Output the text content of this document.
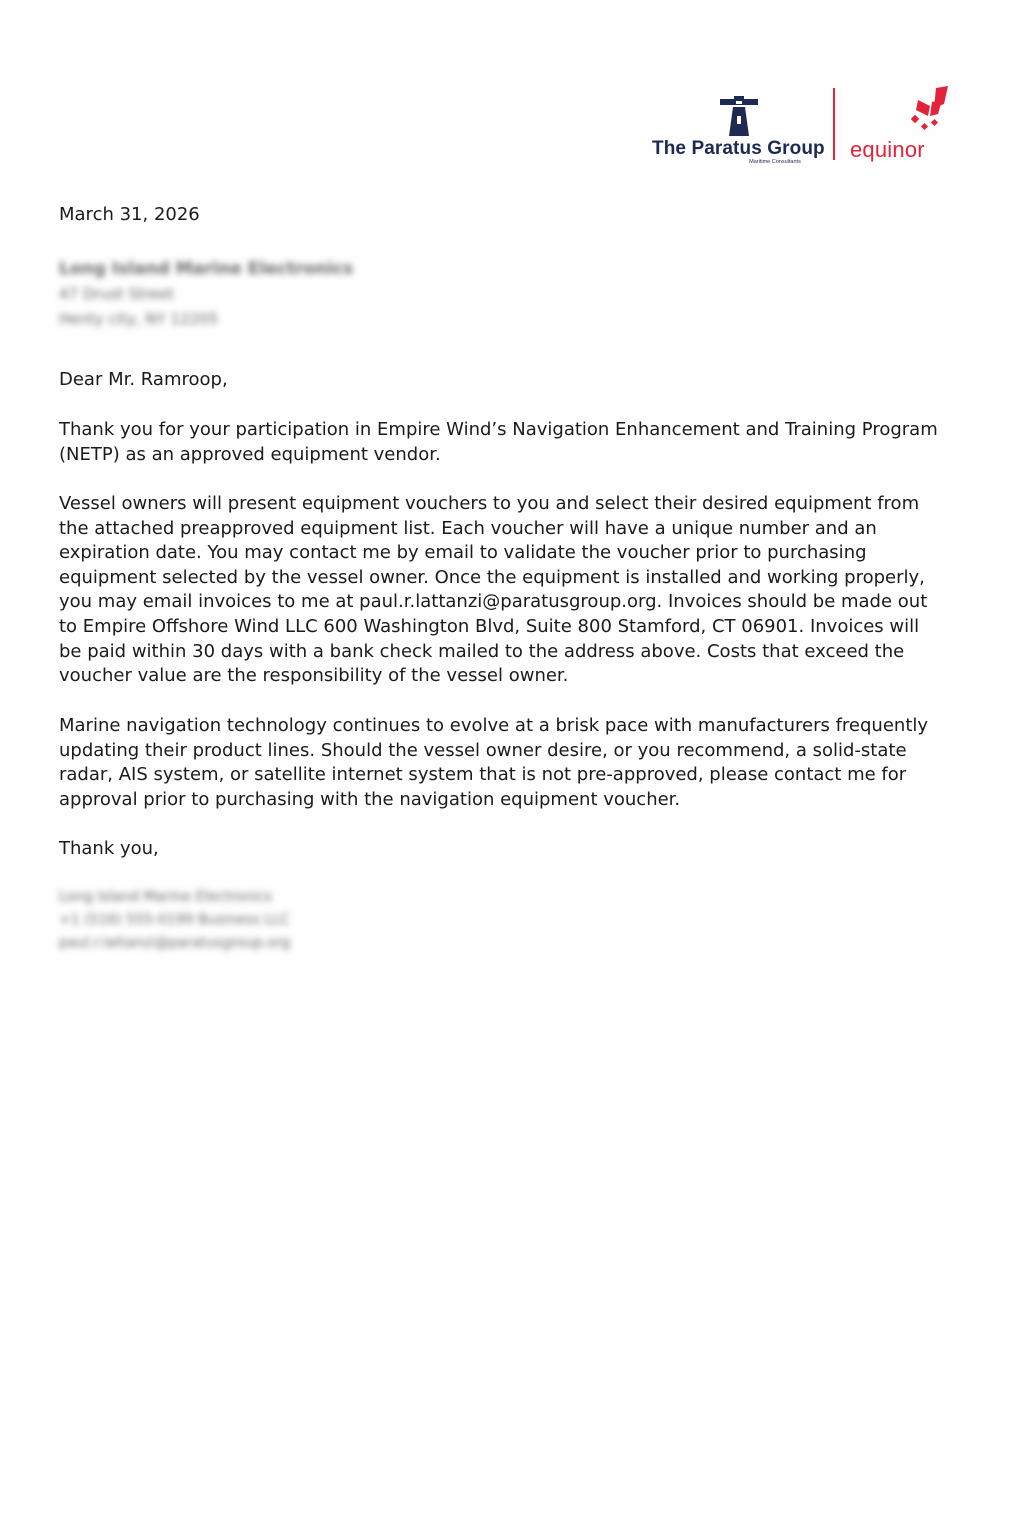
The Paratus Group
Maritime Consultants	equinor
March 31, 2026
Long Island Marine Electronics
47 Drust Street
Henty city, NY 12205
Dear Mr. Ramroop,
Thank you for your participation in Empire Wind’s Navigation Enhancement and Training Program
(NETP) as an approved equipment vendor.
Vessel owners will present equipment vouchers to you and select their desired equipment from
the attached preapproved equipment list. Each voucher will have a unique number and an
expiration date. You may contact me by email to validate the voucher prior to purchasing
equipment selected by the vessel owner. Once the equipment is installed and working properly,
you may email invoices to me at paul.r.lattanzi@paratusgroup.org. Invoices should be made out
to Empire Offshore Wind LLC 600 Washington Blvd, Suite 800 Stamford, CT 06901. Invoices will
be paid within 30 days with a bank check mailed to the address above. Costs that exceed the
voucher value are the responsibility of the vessel owner.
Marine navigation technology continues to evolve at a brisk pace with manufacturers frequently
updating their product lines. Should the vessel owner desire, or you recommend, a solid-state
radar, AIS system, or satellite internet system that is not pre-approved, please contact me for
approval prior to purchasing with the navigation equipment voucher.
Thank you,
Long Island Marine Electronics
+1 (516) 555-0199 Business LLC
paul.r.lattanzi@paratusgroup.org
